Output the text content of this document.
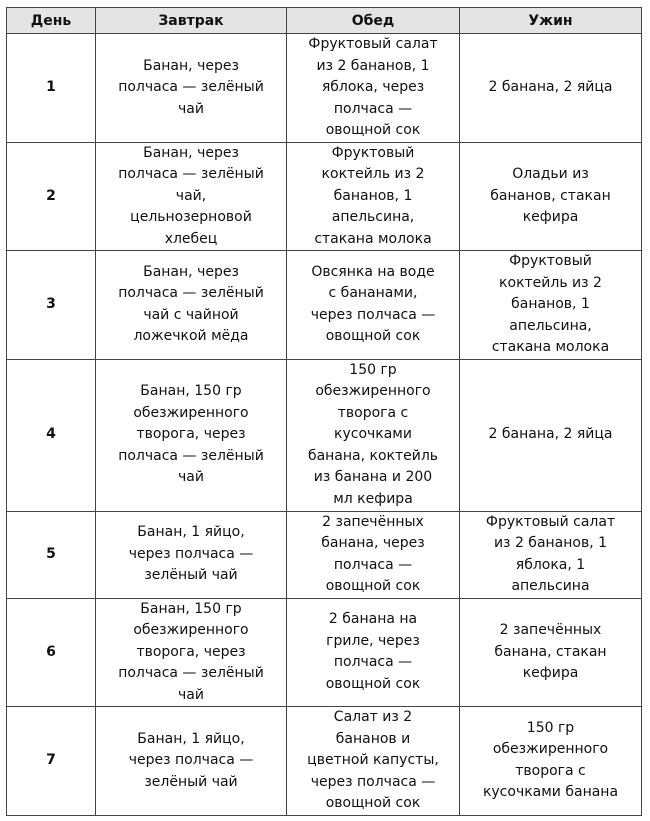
День	Завтрак	Обед	Ужин
1	Банан, через полчаса — зелёный чай	Фруктовый салат из 2 бананов, 1 яблока, через полчаса — овощной сок	2 банана, 2 яйца
2	Банан, через полчаса — зелёный чай, цельнозерновой хлебец	Фруктовый коктейль из 2 бананов, 1 апельсина, стакана молока	Оладьи из бананов, стакан кефира
3	Банан, через полчаса — зелёный чай с чайной ложечкой мёда	Овсянка на воде с бананами, через полчаса — овощной сок	Фруктовый коктейль из 2 бананов, 1 апельсина, стакана молока
4	Банан, 150 гр обезжиренного творога, через полчаса — зелёный чай	150 гр обезжиренного творога с кусочками банана, коктейль из банана и 200 мл кефира	2 банана, 2 яйца
5	Банан, 1 яйцо, через полчаса — зелёный чай	2 запечённых банана, через полчаса — овощной сок	Фруктовый салат из 2 бананов, 1 яблока, 1 апельсина
6	Банан, 150 гр обезжиренного творога, через полчаса — зелёный чай	2 банана на гриле, через полчаса — овощной сок	2 запечённых банана, стакан кефира
7	Банан, 1 яйцо, через полчаса — зелёный чай	Салат из 2 бананов и цветной капусты, через полчаса — овощной сок	150 гр обезжиренного творога с кусочками банана
